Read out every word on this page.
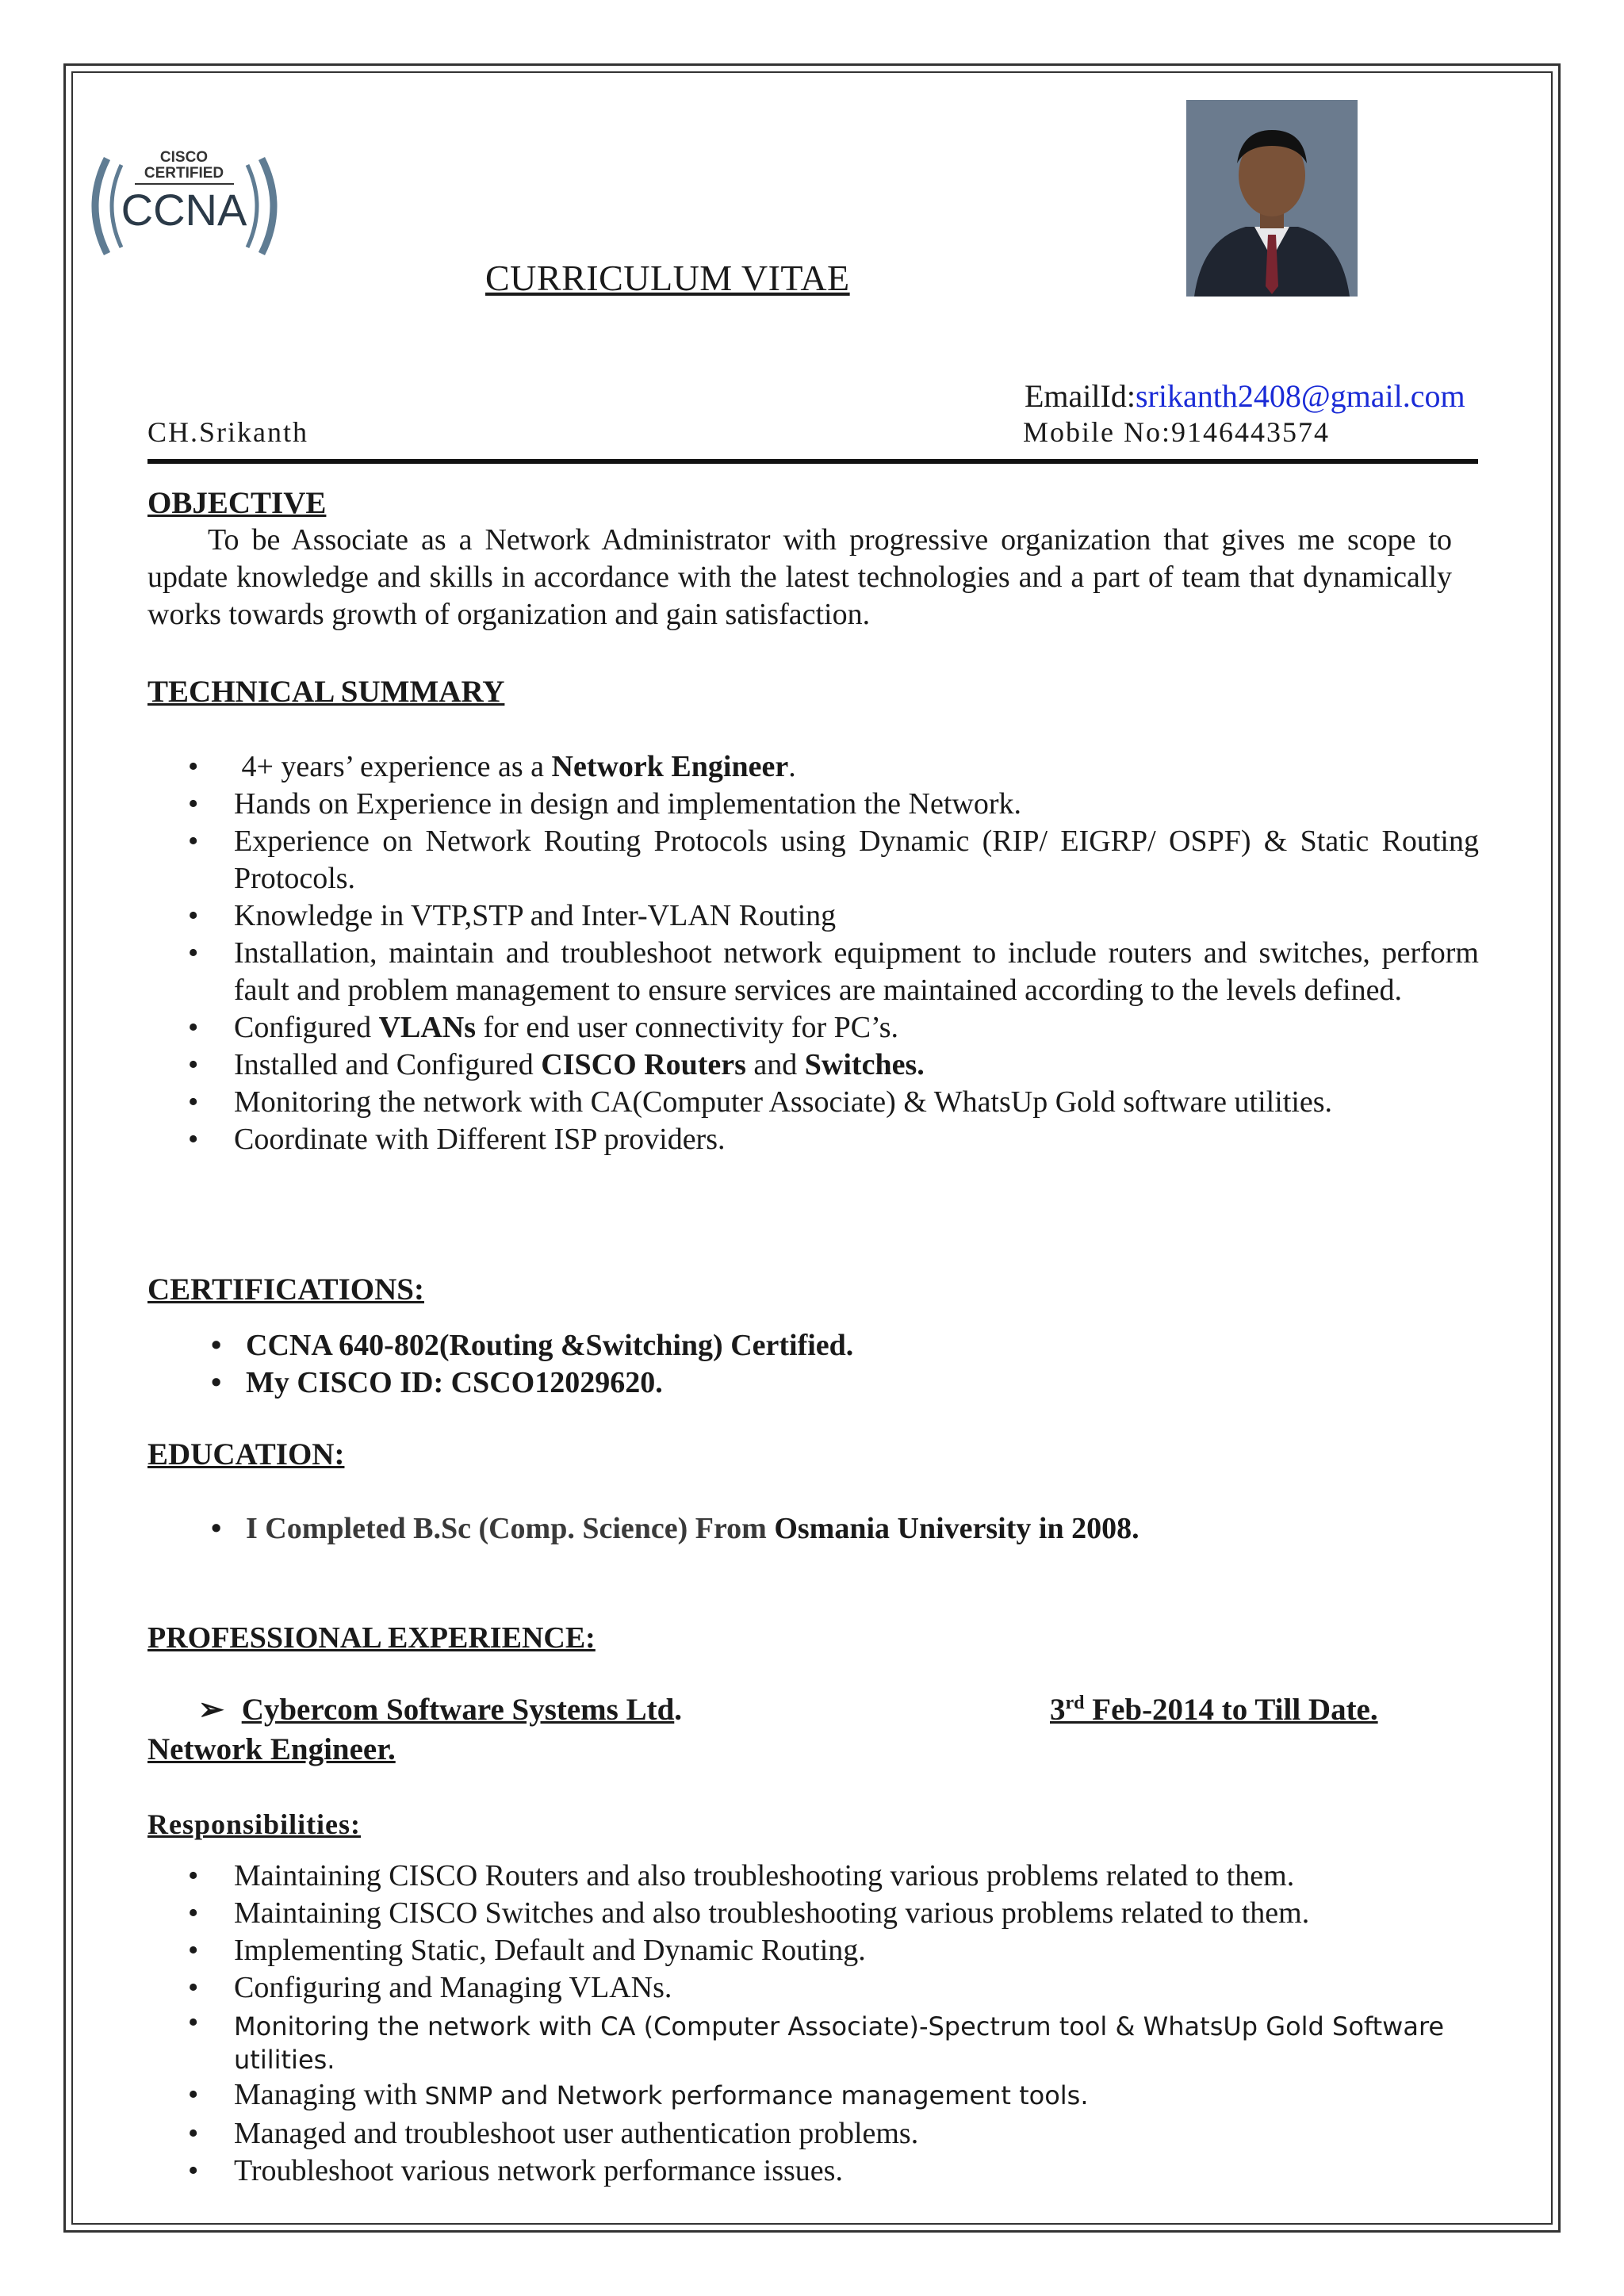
CISCO
CERTIFIED
CCNA
CURRICULUM VITAE
EmailId:srikanth2408@gmail.com
CH.Srikanth	Mobile No:9146443574
OBJECTIVE
To be Associate as a Network Administrator with progressive organization that gives me scope to update knowledge and skills in accordance with the latest technologies and a part of team that dynamically works towards growth of organization and gain satisfaction.
TECHNICAL SUMMARY
• 4+ years’ experience as a Network Engineer.
• Hands on Experience in design and implementation the Network.
• Experience on Network Routing Protocols using Dynamic (RIP/ EIGRP/ OSPF) & Static Routing Protocols.
• Knowledge in VTP,STP and Inter-VLAN Routing
• Installation, maintain and troubleshoot network equipment to include routers and switches, perform fault and problem management to ensure services are maintained according to the levels defined.
• Configured VLANs for end user connectivity for PC’s.
• Installed and Configured CISCO Routers and Switches.
• Monitoring the network with CA(Computer Associate) & WhatsUp Gold software utilities.
• Coordinate with Different ISP providers.
CERTIFICATIONS:
• CCNA 640-802(Routing &Switching) Certified.
• My CISCO ID: CSCO12029620.
EDUCATION:
• I Completed B.Sc (Comp. Science) From Osmania University in 2008.
PROFESSIONAL EXPERIENCE:
➢ Cybercom Software Systems Ltd.	3rd Feb-2014 to Till Date.
Network Engineer.
Responsibilities:
• Maintaining CISCO Routers and also troubleshooting various problems related to them.
• Maintaining CISCO Switches and also troubleshooting various problems related to them.
• Implementing Static, Default and Dynamic Routing.
• Configuring and Managing VLANs.
• Monitoring the network with CA (Computer Associate)-Spectrum tool & WhatsUp Gold Software utilities.
• Managing with SNMP and Network performance management tools.
• Managed and troubleshoot user authentication problems.
• Troubleshoot various network performance issues.
